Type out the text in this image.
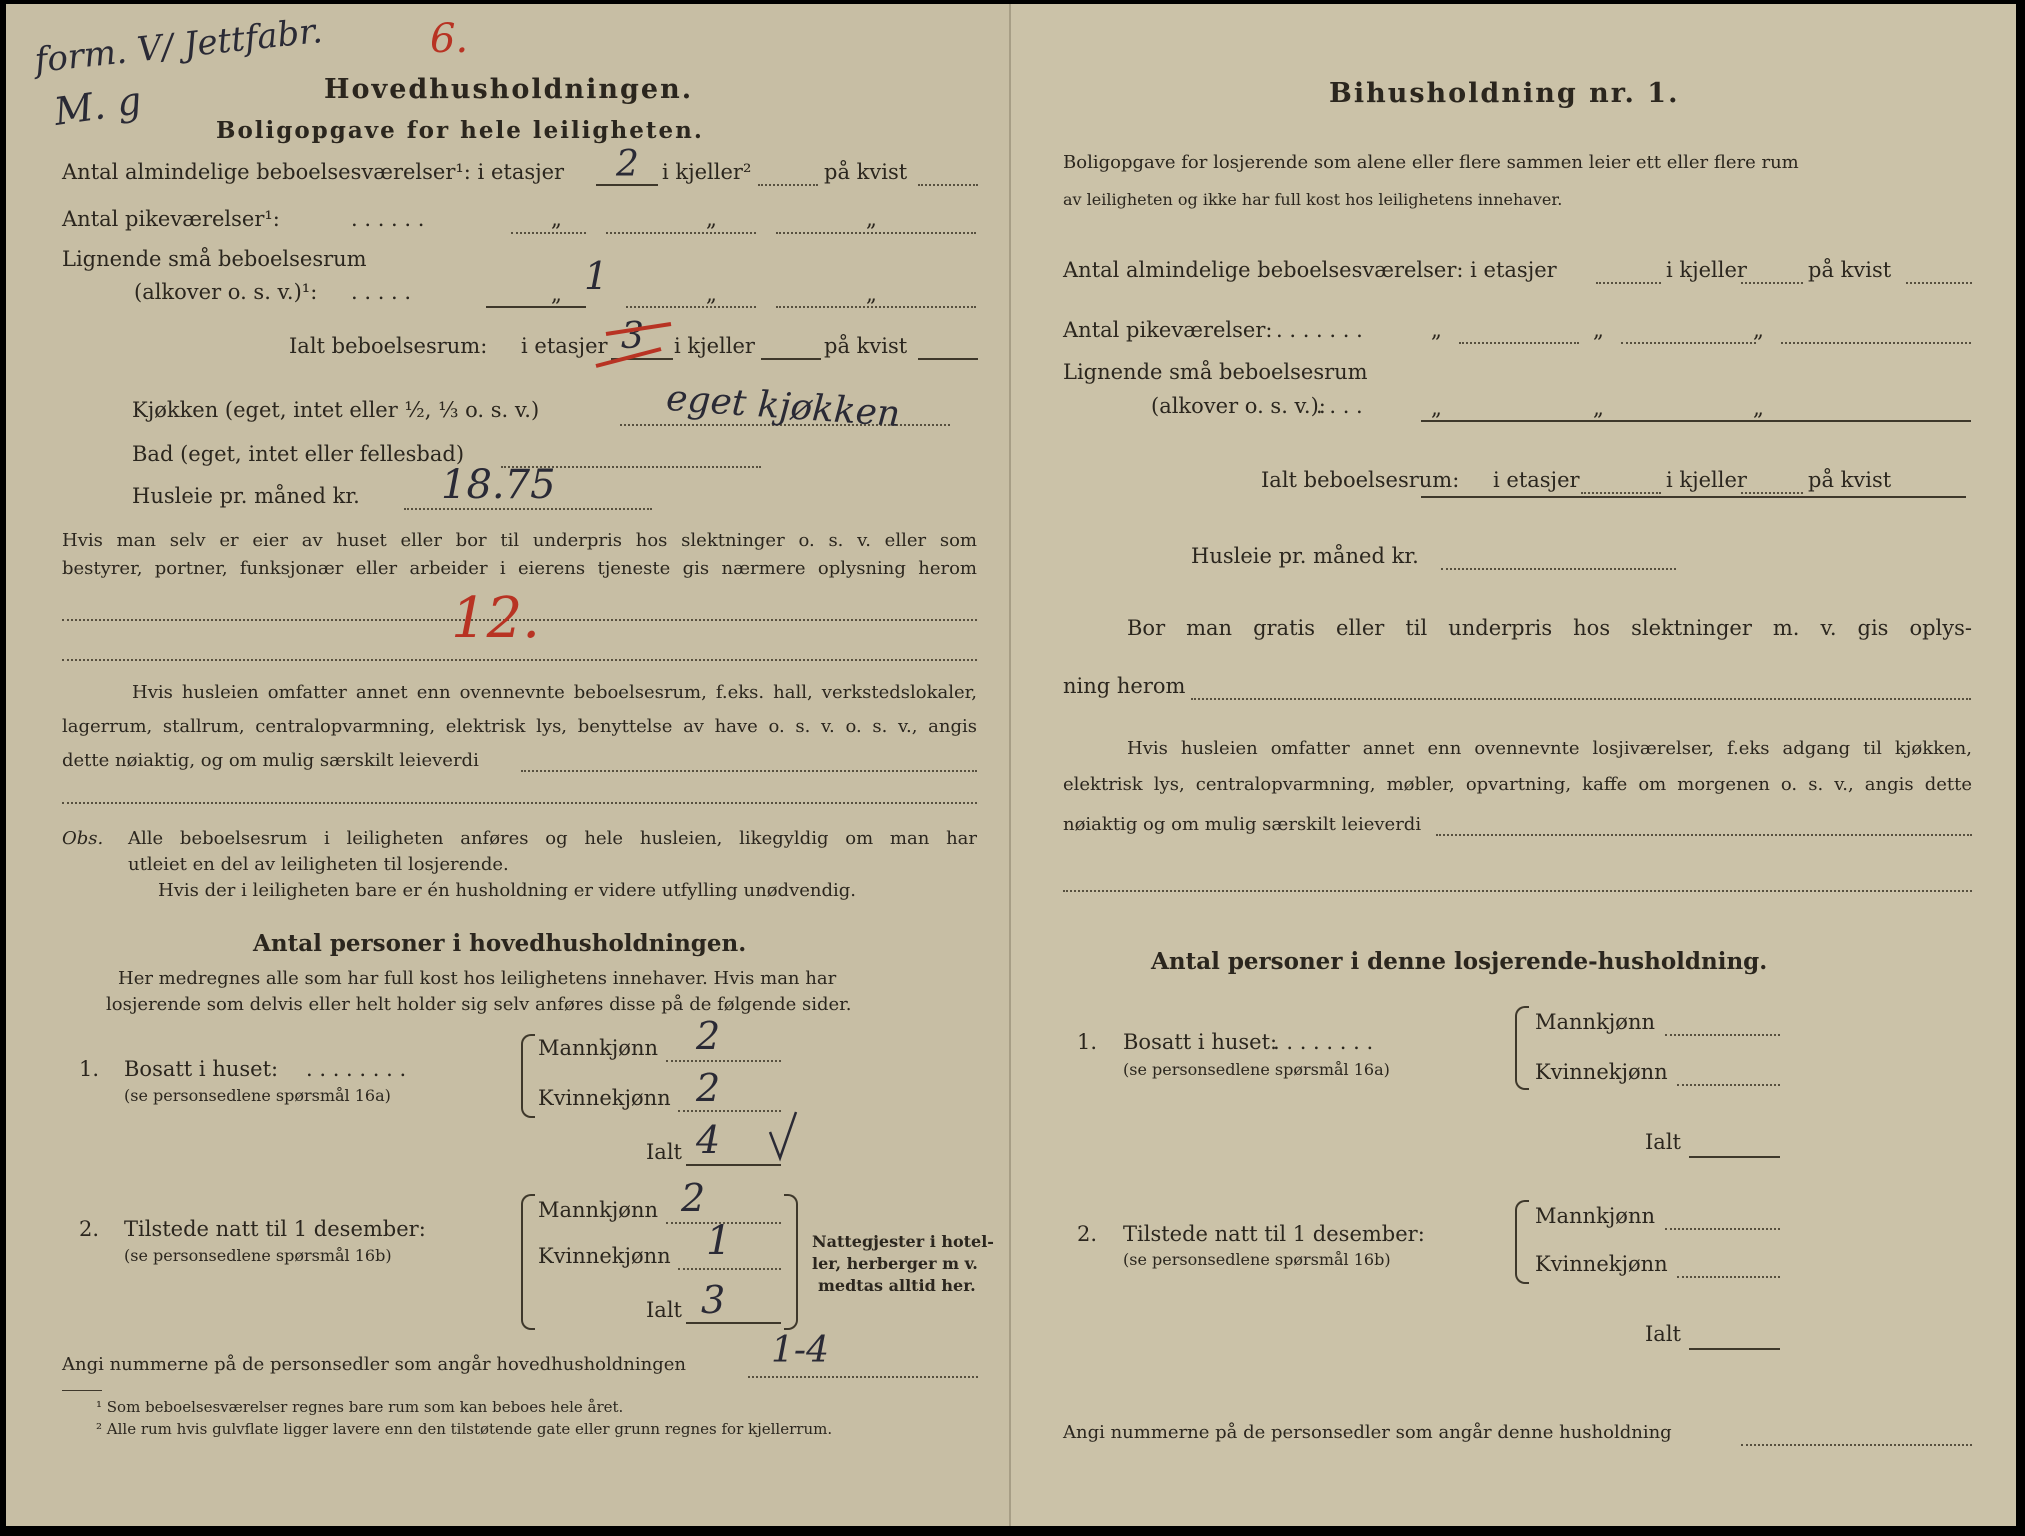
form. V/ Jettfabr.	6.
M. g	Hovedhusholdningen.
Boligopgave for hele leiligheten.
Antal almindelige beboelsesværelser¹: i etasjer 2 i kjeller²	på kvist
Antal pikeværelser¹:	. . . . . .	„	„	„
Lignende små beboelsesrum
(alkover o. s. v.)¹: . . . . .	„ 1	„	„
Ialt beboelsesrum: i etasjer 3 i kjeller	på kvist
Kjøkken (eget, intet eller ½, ⅓ o. s. v.)	eget kjøkken
Bad (eget, intet eller fellesbad)
Husleie pr. måned kr. 18.75
Hvis man selv er eier av huset eller bor til underpris hos slektninger o. s. v. eller som
bestyrer, portner, funksjonær eller arbeider i eierens tjeneste gis nærmere oplysning herom
12.
Hvis husleien omfatter annet enn ovennevnte beboelsesrum, f.eks. hall, verkstedslokaler,
lagerrum, stallrum, centralopvarmning, elektrisk lys, benyttelse av have o. s. v. o. s. v., angis
dette nøiaktig, og om mulig særskilt leieverdi
Obs. Alle beboelsesrum i leiligheten anføres og hele husleien, likegyldig om man har
utleiet en del av leiligheten til losjerende.
Hvis der i leiligheten bare er én husholdning er videre utfylling unødvendig.
Antal personer i hovedhusholdningen.
Her medregnes alle som har full kost hos leilighetens innehaver. Hvis man har
losjerende som delvis eller helt holder sig selv anføres disse på de følgende sider.
1. Bosatt i huset: . . . . . . . .
(se personsedlene spørsmål 16a)
Mannkjønn 2
Kvinnekjønn 2
Ialt 4
2. Tilstede natt til 1 desember:
(se personsedlene spørsmål 16b)
Mannkjønn 2
Kvinnekjønn 1
Ialt 3
Nattegjester i hotel-
ler, herberger m v.
medtas alltid her.
Angi nummerne på de personsedler som angår hovedhusholdningen 1-4
¹ Som beboelsesværelser regnes bare rum som kan beboes hele året.
² Alle rum hvis gulvflate ligger lavere enn den tilstøtende gate eller grunn regnes for kjellerrum.
Bihusholdning nr. 1.
Boligopgave for losjerende som alene eller flere sammen leier ett eller flere rum
av leiligheten og ikke har full kost hos leilighetens innehaver.
Antal almindelige beboelsesværelser: i etasjer	i kjeller	på kvist
Antal pikeværelser: . . . . . . .	„	„	„
Lignende små beboelsesrum
(alkover o. s. v.):
. . . .	„	„	„
Ialt beboelsesrum: i etasjer	i kjeller	på kvist
Husleie pr. måned kr.
Bor man gratis eller til underpris hos slektninger m. v. gis oplys-
ning herom
Hvis husleien omfatter annet enn ovennevnte losjiværelser, f.eks adgang til kjøkken,
elektrisk lys, centralopvarmning, møbler, opvartning, kaffe om morgenen o. s. v., angis dette
nøiaktig og om mulig særskilt leieverdi
Antal personer i denne losjerende-husholdning.
1. Bosatt i huset:
. . . . . . . .
(se personsedlene spørsmål 16a)
Mannkjønn
Kvinnekjønn
Ialt
2. Tilstede natt til 1 desember:
(se personsedlene spørsmål 16b)
Mannkjønn
Kvinnekjønn
Ialt
Angi nummerne på de personsedler som angår denne husholdning
